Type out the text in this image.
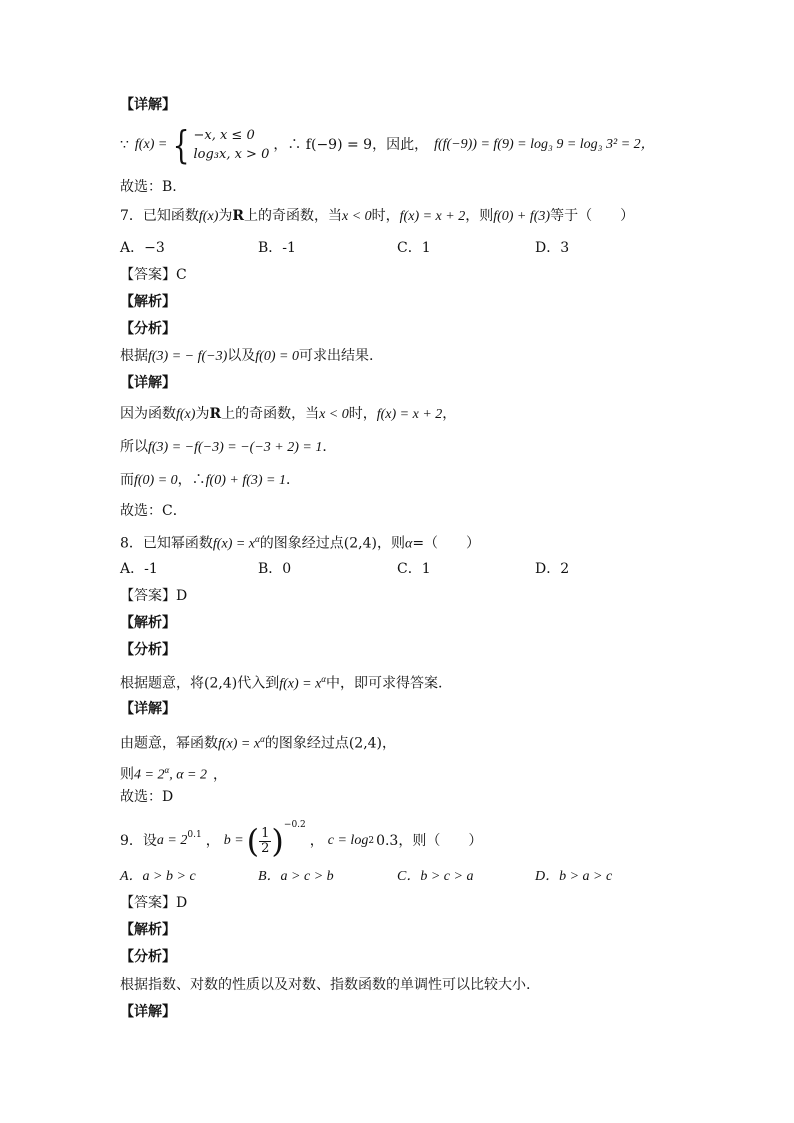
【详解】
∵ f(x) = { −x, x ≤ 0
log₃x, x > 0
，∴ f(−9) = 9，因此， f(f(−9)) = f(9) = log₃ 9 = log₃ 3² = 2，
故选：B.
7．已知函数f(x)为R上的奇函数，当x < 0时，f(x) = x + 2，则f(0) + f(3)等于（　　）
A．−3	B．-1	C．1	D．3
【答案】C
【解析】
【分析】
根据f(3) = − f(−3)以及f(0) = 0可求出结果.
【详解】
因为函数f(x)为R上的奇函数，当x < 0时，f(x) = x + 2，
所以f(3) = −f(−3) = −(−3 + 2) = 1．
而f(0) = 0，∴f(0) + f(3) = 1．
故选：C．
8．已知幂函数$f(x) = x^\alpha$的图象经过点(2,4)，则α=（　　）
A．-1	B．0	C．1	D．2
【答案】D
【解析】
【分析】
根据题意，将(2,4)代入到$f(x) = x^\alpha$中，即可求得答案.
【详解】
由题意，幂函数$f(x) = x^\alpha$的图象经过点(2,4)，
则$4 = 2^\alpha$, α = 2 ，
故选：D
9．设 $a = 2^{0.1}$ ， b = ( $\frac{1}{2} )^{-0.2}$
， c = log 2 0.3 ，则（　　）
A．a > b > c	B．a > c > b	C．b > c > a	D．b > a > c
【答案】D
【解析】
【分析】
根据指数、对数的性质以及对数、指数函数的单调性可以比较大小.
【详解】
